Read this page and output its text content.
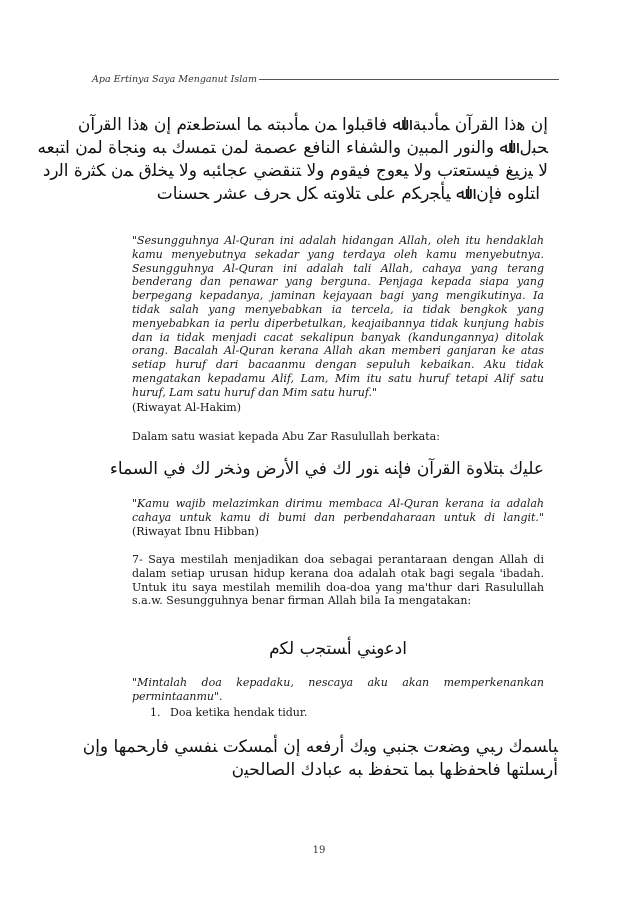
Apa Ertinya Saya Menganut Islam
ﺇﻥ ﻫﺫﺍ ﺍﻟﻘﺭﺁﻥ ﻤﺄﺩﺒﺔ ﺍﷲ ﻓﺎﻗﺒﻠﻭﺍ ﻤﻥ ﻤﺄﺩﺒﺘﻪ ﻤﺎ ﺍﺴﺘﻁﻌﺘﻡ ﺇﻥ ﻫﺫﺍ ﺍﻟﻘﺭﺁﻥ
ﺤﺒل ﺍﷲ ﻭﺍﻟﻨﻭﺭ ﺍﻟﻤﺒﻴﻥ ﻭﺍﻟﺸﻔﺎﺀ ﺍﻟﻨﺎﻓﻊ ﻋﺼﻤﺔ ﻟﻤﻥ ﺘﻤﺴﻙ ﺒﻪ ﻭﻨﺠﺎﺓ ﻟﻤﻥ ﺍﺘﺒﻌﻪ
ﻻ ﻴﺯﻴﻎ ﻓﻴﺴﺘﻌﺘﺏ ﻭﻻ ﻴﻌﻭﺝ ﻓﻴﻘﻭﻡ ﻭﻻ ﺘﻨﻘﻀﻲ ﻋﺠﺎﺌﺒﻪ ﻭﻻ ﻴﺨﻠﻕ ﻤﻥ ﻜﺜﺭﺓ ﺍﻟﺭﺩ
ﺍﺘﻠﻭﻩ ﻓﺈﻥ ﺍﷲ ﻴﺄﺠﺭﻜﻡ ﻋﻠﻰ ﺘﻼﻭﺘﻪ ﻜل ﺤﺭﻑ ﻋﺸﺭ ﺤﺴﻨﺎﺕ
"Sesungguhnya Al-Quran ini adalah hidangan Allah, oleh itu hendaklah kamu menyebutnya sekadar yang terdaya oleh kamu menyebutnya. Sesungguhnya Al-Quran ini adalah tali Allah, cahaya yang terang benderang dan penawar yang berguna. Penjaga kepada siapa yang berpegang kepadanya, jaminan kejayaan bagi yang mengikutinya. Ia tidak salah yang menyebabkan ia tercela, ia tidak bengkok yang menyebabkan ia perlu diperbetulkan, keajaibannya tidak kunjung habis dan ia tidak menjadi cacat sekalipun banyak (kandungannya) ditolak orang. Bacalah Al-Quran kerana Allah akan memberi ganjaran ke atas setiap huruf dari bacaanmu dengan sepuluh kebaikan. Aku tidak mengatakan kepadamu Alif, Lam, Mim itu satu huruf tetapi Alif satu huruf, Lam satu huruf dan Mim satu huruf."
(Riwayat Al-Hakim)
Dalam satu wasiat kepada Abu Zar Rasulullah berkata:
ﻋﻠﻴﻙ ﺒﺘﻼﻭﺓ ﺍﻟﻘﺭﺁﻥ ﻓﺈﻨﻪ ﻨﻭﺭ ﻟﻙ ﻓﻲ ﺍﻷﺭﺽ ﻭﺫﺨﺭ ﻟﻙ ﻓﻲ ﺍﻟﺴﻤﺎﺀ
"Kamu wajib melazimkan dirimu membaca Al-Quran kerana ia adalah cahaya untuk kamu di bumi dan perbendaharaan untuk di langit." (Riwayat Ibnu Hibban)
7- Saya mestilah menjadikan doa sebagai perantaraan dengan Allah di dalam setiap urusan hidup kerana doa adalah otak bagi segala 'ibadah. Untuk itu saya mestilah memilih doa-doa yang ma'thur dari Rasulullah s.a.w. Sesungguhnya benar firman Allah bila Ia mengatakan:
ﺍﺩﻋﻭﻨﻲ ﺃﺴﺘﺠﺏ ﻟﻜﻡ
"Mintalah doa kepadaku, nescaya aku akan memperkenankan permintaanmu".
1. Doa ketika hendak tidur.
ﺒﺎﺴﻤﻙ ﺭﺒﻲ ﻭﻀﻌﺕ ﺠﻨﺒﻲ ﻭﺒﻙ ﺃﺭﻓﻌﻪ ﺇﻥ ﺃﻤﺴﻜﺕ ﻨﻔﺴﻲ ﻓﺎﺭﺤﻤﻬﺎ ﻭﺇﻥ
ﺃﺭﺴﻠﺘﻬﺎ ﻓﺎﺤﻔﻅﻬﺎ ﺒﻤﺎ ﺘﺤﻔﻅ ﺒﻪ ﻋﺒﺎﺩﻙ ﺍﻟﺼﺎﻟﺤﻴﻥ
19
